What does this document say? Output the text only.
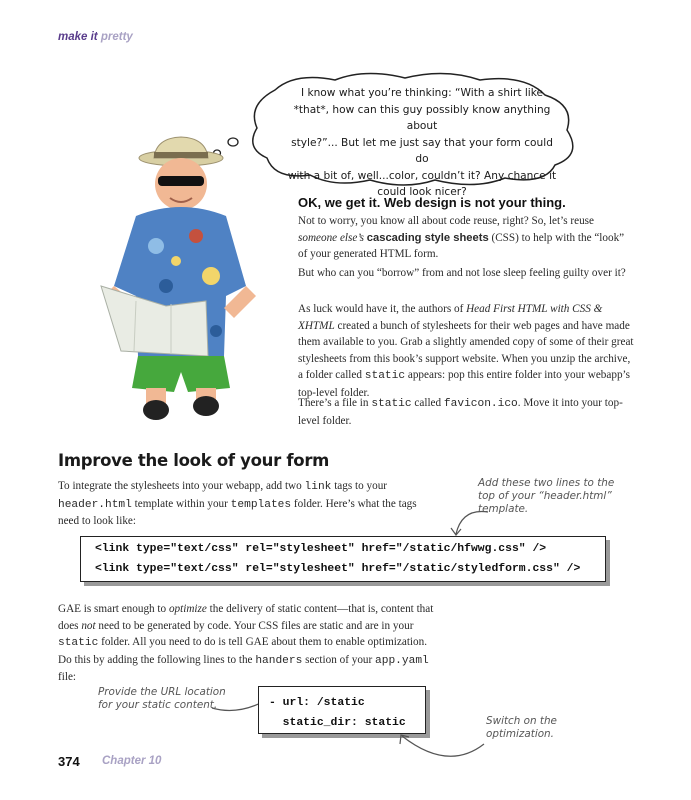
make it pretty
I know what you’re thinking: “With a shirt like
*that*, how can this guy possibly know anything about
style?”... But let me just say that your form could do
with a bit of, well...color, couldn’t it? Any chance it
could look nicer?
OK, we get it. Web design is not your thing.

Not to worry, you know all about code reuse, right? So, let’s reuse someone else’s cascading style sheets (CSS) to help with the “look” of your generated HTML form.

But who can you “borrow” from and not lose sleep feeling guilty over it?

As luck would have it, the authors of Head First HTML with CSS & XHTML created a bunch of stylesheets for their web pages and have made them available to you. Grab a slightly amended copy of some of their great stylesheets from this book’s support website. When you unzip the archive, a folder called static appears: pop this entire folder into your webapp’s top-level folder.

There’s a file in static called favicon.ico. Move it into your top-level folder.

Improve the look of your form

To integrate the stylesheets into your webapp, add two link tags to your header.html template within your templates folder. Here’s what the tags need to look like:

Add these two lines to the
top of your “header.html”
template.
<link type="text/css" rel="stylesheet" href="/static/hfwwg.css" />
<link type="text/css" rel="stylesheet" href="/static/styledform.css" />

GAE is smart enough to optimize the delivery of static content—that is, content that does not need to be generated by code. Your CSS files are static and are in your static folder. All you need to do is tell GAE about them to enable optimization. Do this by adding the following lines to the handers section of your app.yaml file:

Provide the URL location
for your static content.	- url: /static
static_dir: static	Switch on the
optimization.
374 Chapter 10
